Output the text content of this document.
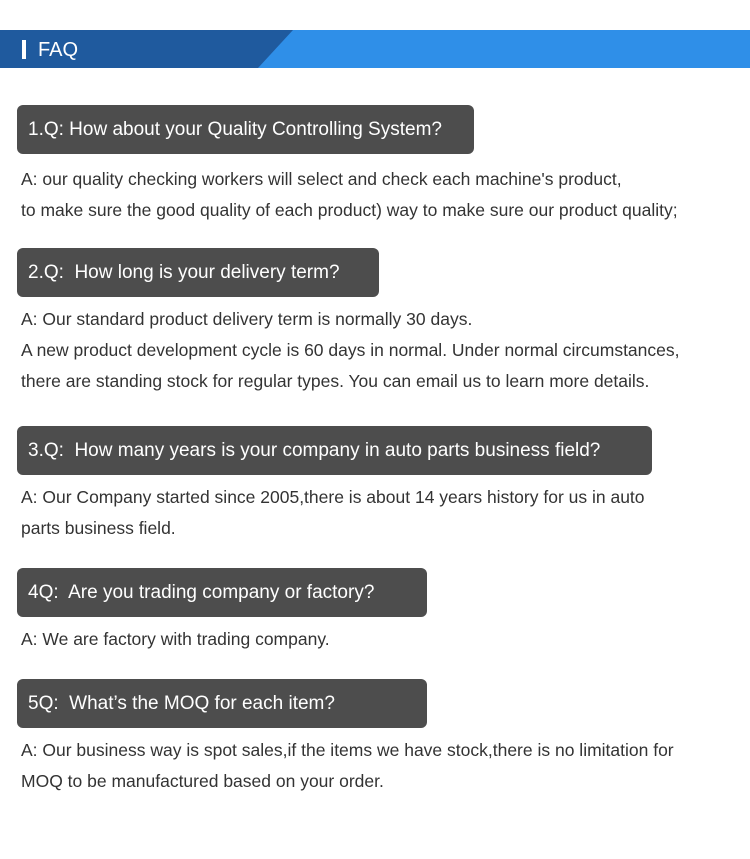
FAQ
1.Q: How about your Quality Controlling System?
A: our quality checking workers will select and check each machine's product,
to make sure the good quality of each product) way to make sure our product quality;
2.Q:  How long is your delivery term?
A: Our standard product delivery term is normally 30 days.
A new product development cycle is 60 days in normal. Under normal circumstances,
there are standing stock for regular types. You can email us to learn more details.
3.Q:  How many years is your company in auto parts business field?
A: Our Company started since 2005,there is about 14 years history for us in auto
parts business field.
4Q:  Are you trading company or factory?
A: We are factory with trading company.
5Q:  What’s the MOQ for each item?
A: Our business way is spot sales,if the items we have stock,there is no limitation for
MOQ to be manufactured based on your order.
